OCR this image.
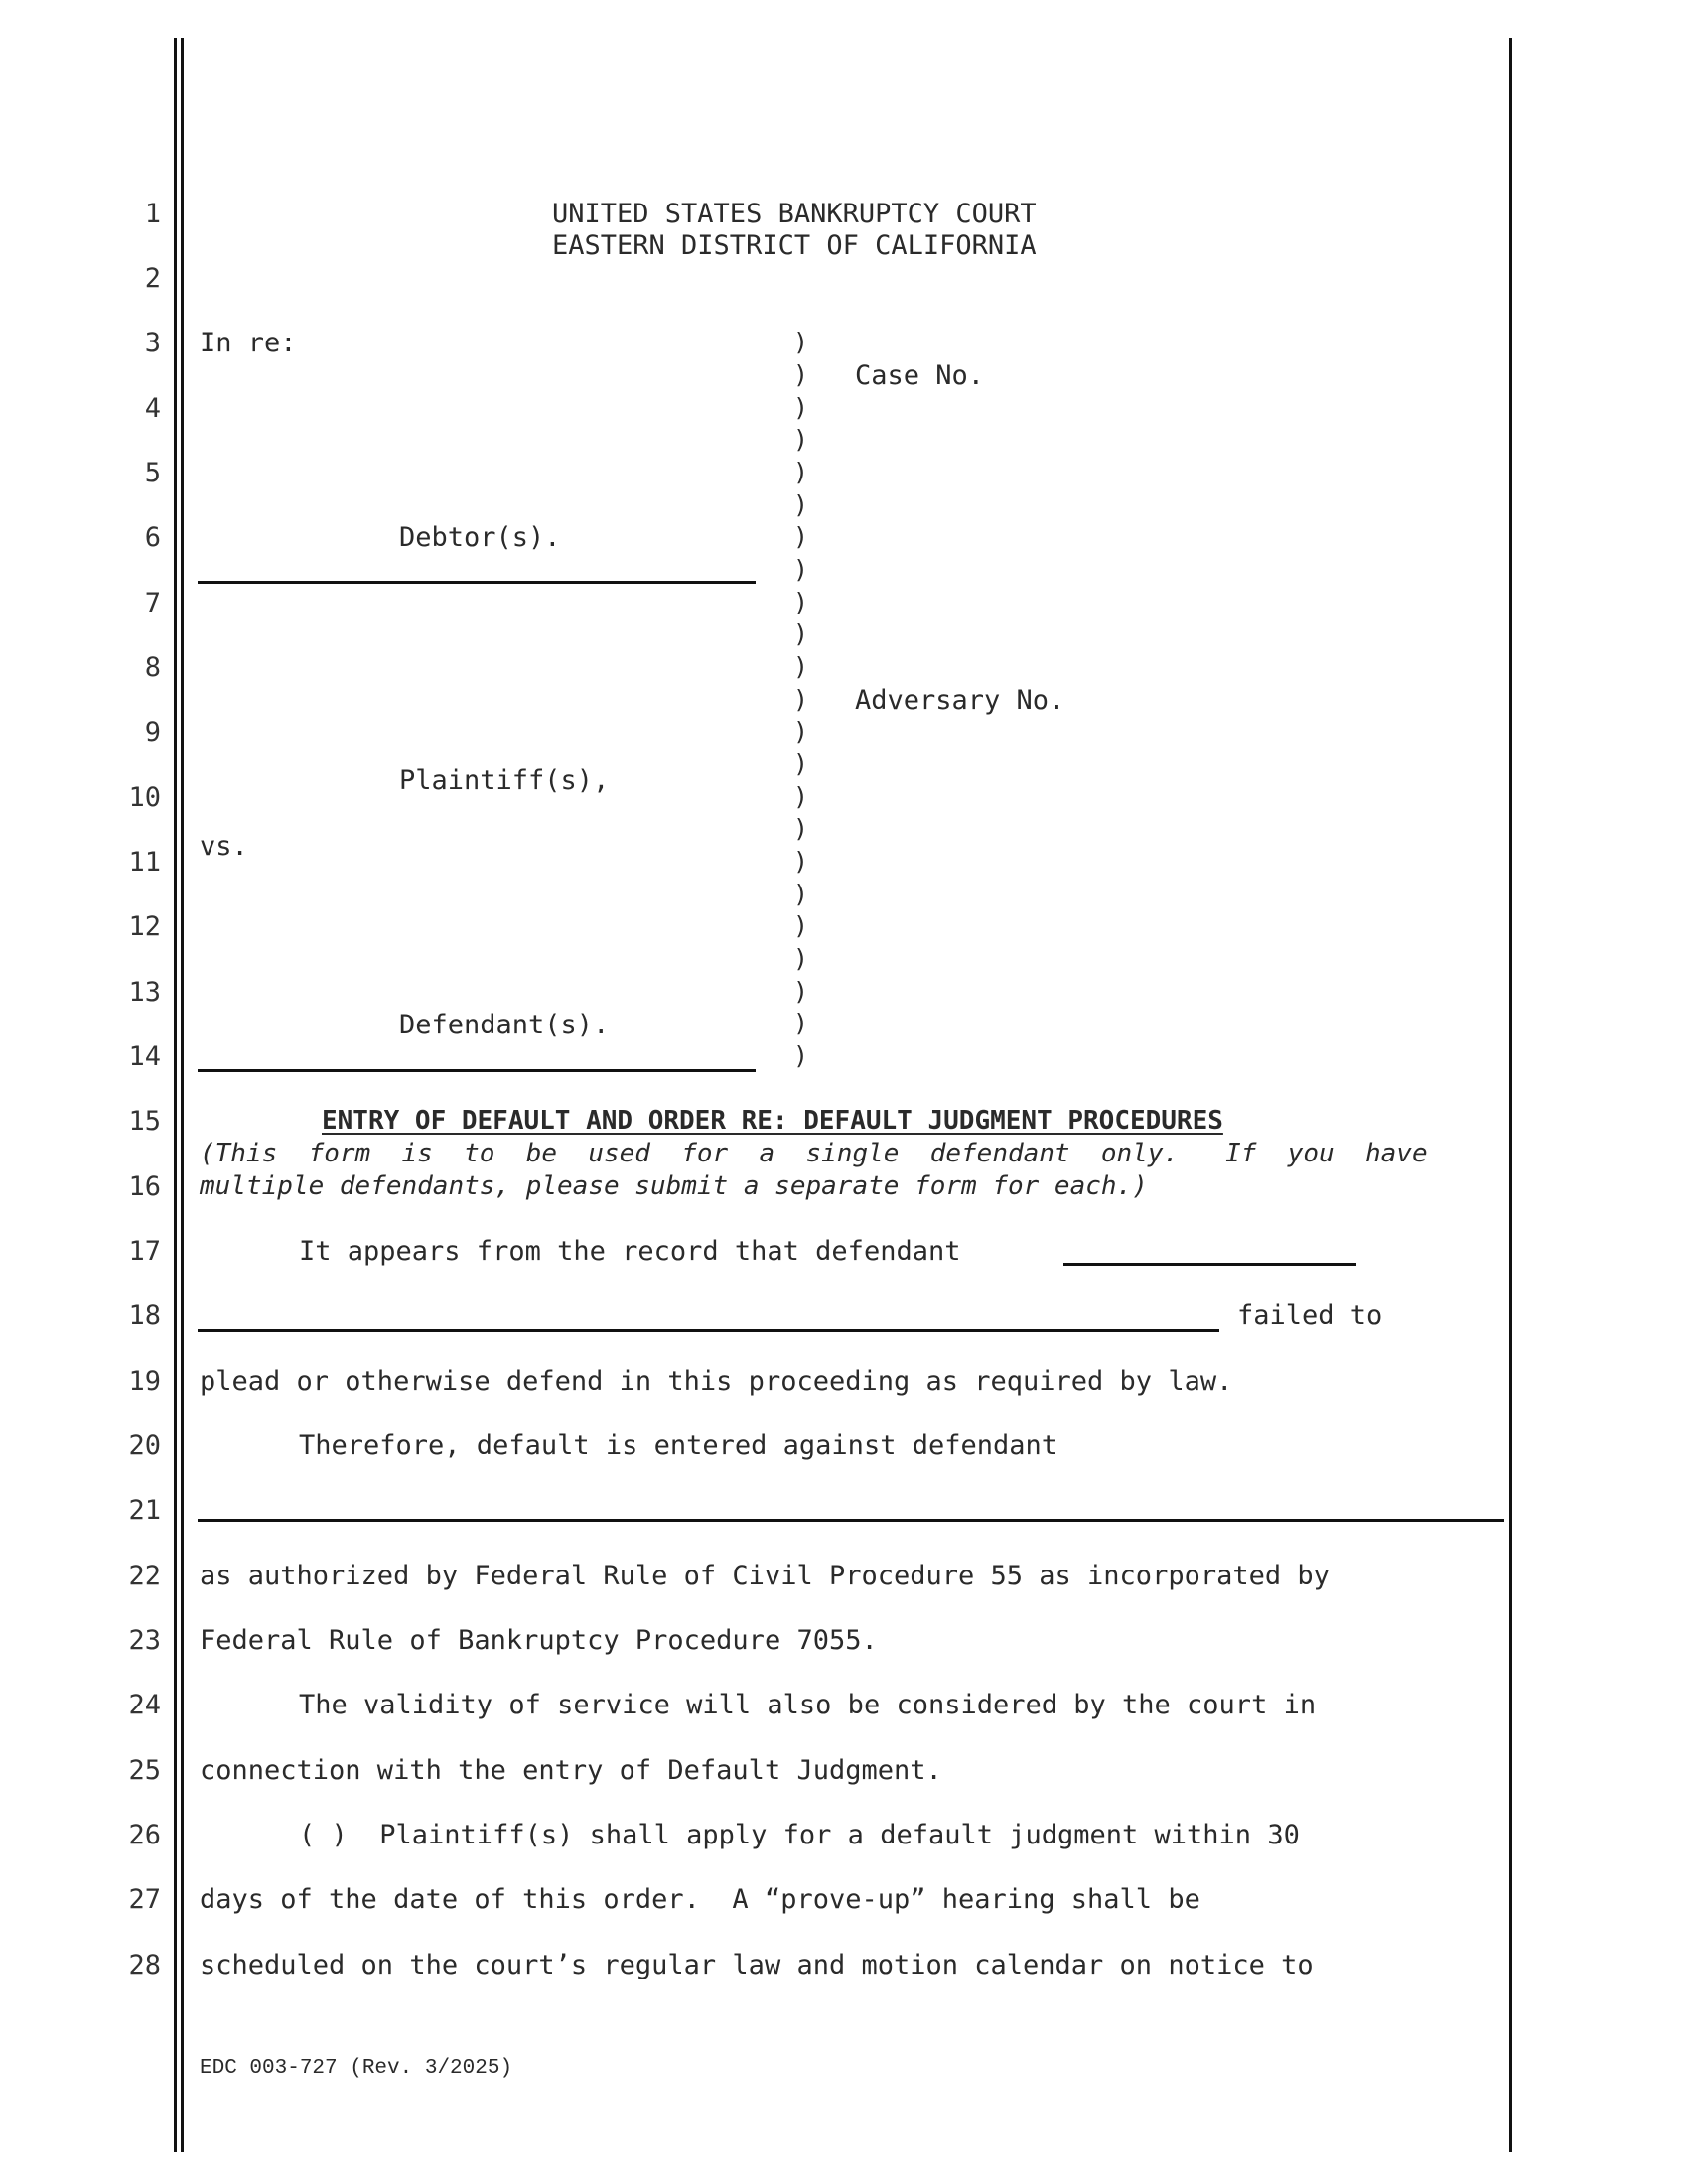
1
2
3
4
5
6
7
8
9
10
11
12
13
14
15
16
17
18
19
20
21
22
23
24
25
26
27
28
UNITED STATES BANKRUPTCY COURT
EASTERN DISTRICT OF CALIFORNIA
In re:
Debtor(s).
Plaintiff(s),
vs.
Defendant(s).
)
)
)
)
)
)
)
)
)
)
)
)
)
)
)
)
)
)
)
)
)
)
)
Case No.
Adversary No.
ENTRY OF DEFAULT AND ORDER RE: DEFAULT JUDGMENT PROCEDURES
(This  form  is  to  be  used  for  a  single  defendant  only.   If  you  have
multiple defendants, please submit a separate form for each.)
It appears from the record that defendant
failed to
plead or otherwise defend in this proceeding as required by law.
Therefore, default is entered against defendant
as authorized by Federal Rule of Civil Procedure 55 as incorporated by
Federal Rule of Bankruptcy Procedure 7055.
The validity of service will also be considered by the court in
connection with the entry of Default Judgment.
( )  Plaintiff(s) shall apply for a default judgment within 30
days of the date of this order.  A “prove-up” hearing shall be
scheduled on the court’s regular law and motion calendar on notice to
EDC 003-727 (Rev. 3/2025)
